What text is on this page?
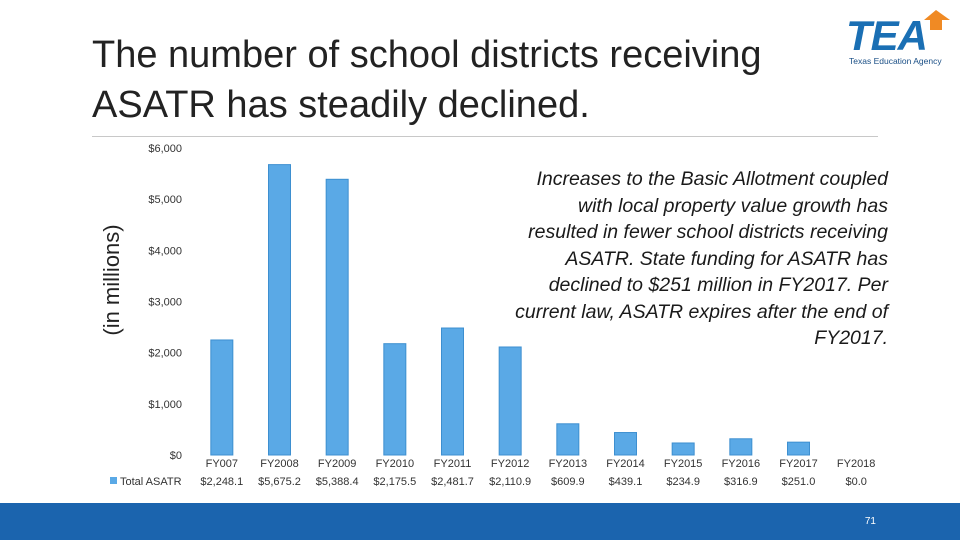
The number of school districts receiving ASATR has steadily declined.
TEA
Texas Education Agency
$0
$1,000
$2,000
$3,000
$4,000
$5,000
$6,000
FY007 FY2008 FY2009 FY2010 FY2011 FY2012 FY2013 FY2014 FY2015 FY2016 FY2017 FY2018
$2,248.1 $5,675.2 $5,388.4 $2,175.5 $2,481.7 $2,110.9 $609.9 $439.1 $234.9 $316.9 $251.0	$0.0
Total ASATR
(in millions)
Increases to the Basic Allotment coupled with local property value growth has resulted in fewer school districts receiving ASATR. State funding for ASATR has declined to $251 million in FY2017. Per current law, ASATR expires after the end of FY2017.
71
